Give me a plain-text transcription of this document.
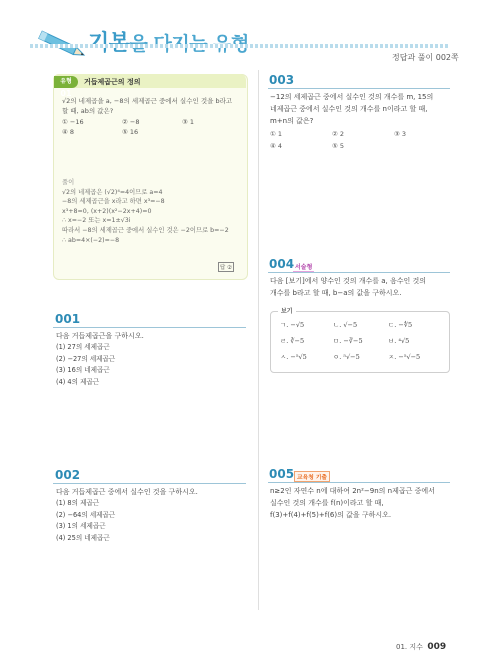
정답과 풀이 002쪽
유형 01
거듭제곱근의 정의
√2의 네제곱을 a, −8의 세제곱근 중에서 실수인 것을 b라고
할 때, ab의 값은?
① −16	② −8	③ 1
④ 8	⑤ 16
풀이
√2의 네제곱은 (√2)⁴=4이므로 a=4
−8의 세제곱근을 x라고 하면 x³=−8
x³+8=0, (x+2)(x²−2x+4)=0
∴ x=−2 또는 x=1±√3i
따라서 −8의 세제곱근 중에서 실수인 것은 −2이므로 b=−2
∴ ab=4×(−2)=−8
답 ②
001
다음 거듭제곱근을 구하시오.
(1) 27의 세제곱근
(2) −27의 세제곱근
(3) 16의 네제곱근
(4) 4의 제곱근
002
다음 거듭제곱근 중에서 실수인 것을 구하시오.
(1) 8의 제곱근
(2) −64의 세제곱근
(3) 1의 세제곱근
(4) 25의 네제곱근
003
−12의 세제곱근 중에서 실수인 것의 개수를 m, 15의
네제곱근 중에서 실수인 것의 개수를 n이라고 할 때,
m+n의 값은?
① 1	② 2	③ 3
④ 4	⑤ 5
004 서술형
다음 [보기]에서 양수인 것의 개수를 a, 음수인 것의
개수를 b라고 할 때, b−a의 값을 구하시오.
보기
ㄱ. −√5	ㄴ. √−5	ㄷ. −∜5
ㄹ. ∛−5	ㅁ. −∛−5	ㅂ. ⁴√5
ㅅ. −⁵√5	ㅇ. ⁵√−5	ㅈ. −⁵√−5
005 교육청 기출
n≥2인 자연수 n에 대하여 2n²−9n의 n제곱근 중에서
실수인 것의 개수를 f(n)이라고 할 때,
f(3)+f(4)+f(5)+f(6)의 값을 구하시오.
01. 지수 009
